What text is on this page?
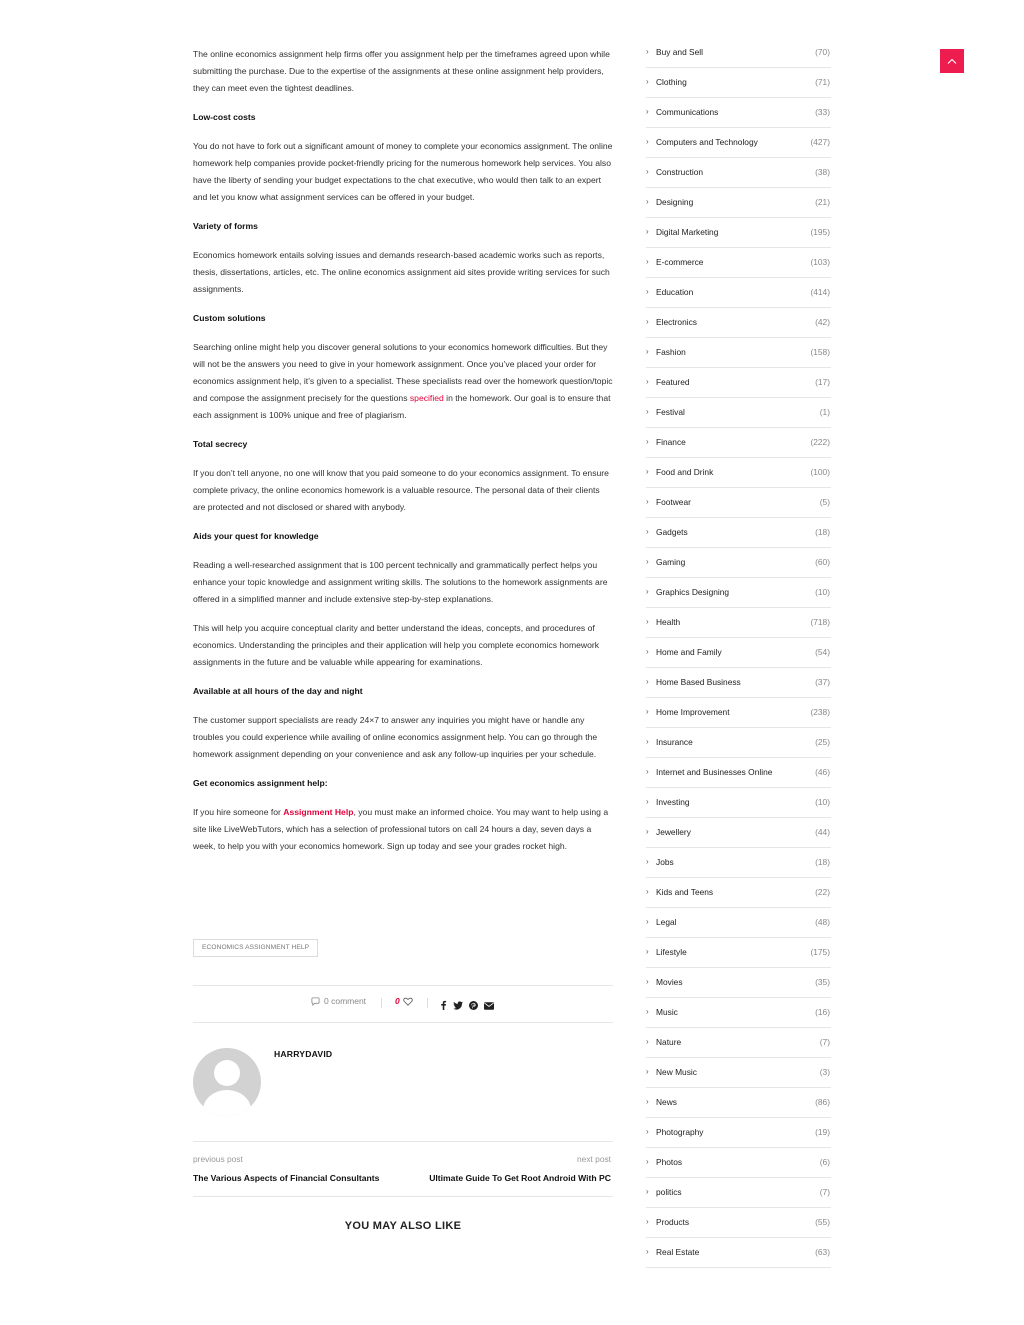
The online economics assignment help firms offer you assignment help per the timeframes agreed upon while submitting the purchase. Due to the expertise of the assignments at these online assignment help providers, they can meet even the tightest deadlines.

Low-cost costs

You do not have to fork out a significant amount of money to complete your economics assignment. The online homework help companies provide pocket-friendly pricing for the numerous homework help services. You also have the liberty of sending your budget expectations to the chat executive, who would then talk to an expert and let you know what assignment services can be offered in your budget.

Variety of forms

Economics homework entails solving issues and demands research-based academic works such as reports, thesis, dissertations, articles, etc. The online economics assignment aid sites provide writing services for such assignments.

Custom solutions

Searching online might help you discover general solutions to your economics homework difficulties. But they will not be the answers you need to give in your homework assignment. Once you’ve placed your order for economics assignment help, it’s given to a specialist. These specialists read over the homework question/topic and compose the assignment precisely for the questions specified in the homework. Our goal is to ensure that each assignment is 100% unique and free of plagiarism.

Total secrecy

If you don’t tell anyone, no one will know that you paid someone to do your economics assignment. To ensure complete privacy, the online economics homework is a valuable resource. The personal data of their clients are protected and not disclosed or shared with anybody.

Aids your quest for knowledge

Reading a well-researched assignment that is 100 percent technically and grammatically perfect helps you enhance your topic knowledge and assignment writing skills. The solutions to the homework assignments are offered in a simplified manner and include extensive step-by-step explanations.

This will help you acquire conceptual clarity and better understand the ideas, concepts, and procedures of economics. Understanding the principles and their application will help you complete economics homework assignments in the future and be valuable while appearing for examinations.

Available at all hours of the day and night

The customer support specialists are ready 24×7 to answer any inquiries you might have or handle any troubles you could experience while availing of online economics assignment help. You can go through the homework assignment depending on your convenience and ask any follow-up inquiries per your schedule.

Get economics assignment help:

If you hire someone for Assignment Help, you must make an informed choice. You may want to help using a site like LiveWebTutors, which has a selection of professional tutors on call 24 hours a day, seven days a week, to help you with your economics homework. Sign up today and see your grades rocket high.

ECONOMICS ASSIGNMENT HELP
0 comment	0
HARRYDAVID
previous post
The Various Aspects of Financial Consultants
next post
Ultimate Guide To Get Root Android With PC
YOU MAY ALSO LIKE
› Buy and Sell	(70)
› Clothing	(71)
› Communications	(33)
› Computers and Technology	(427)
› Construction	(38)
› Designing	(21)
› Digital Marketing	(195)
› E-commerce	(103)
› Education	(414)
› Electronics	(42)
› Fashion	(158)
› Featured	(17)
› Festival	(1)
› Finance	(222)
› Food and Drink	(100)
› Footwear	(5)
› Gadgets	(18)
› Gaming	(60)
› Graphics Designing	(10)
› Health	(718)
› Home and Family	(54)
› Home Based Business	(37)
› Home Improvement	(238)
› Insurance	(25)
› Internet and Businesses Online	(46)
› Investing	(10)
› Jewellery	(44)
› Jobs	(18)
› Kids and Teens	(22)
› Legal	(48)
› Lifestyle	(175)
› Movies	(35)
› Music	(16)
› Nature	(7)
› New Music	(3)
› News	(86)
› Photography	(19)
› Photos	(6)
› politics	(7)
› Products	(55)
› Real Estate	(63)
